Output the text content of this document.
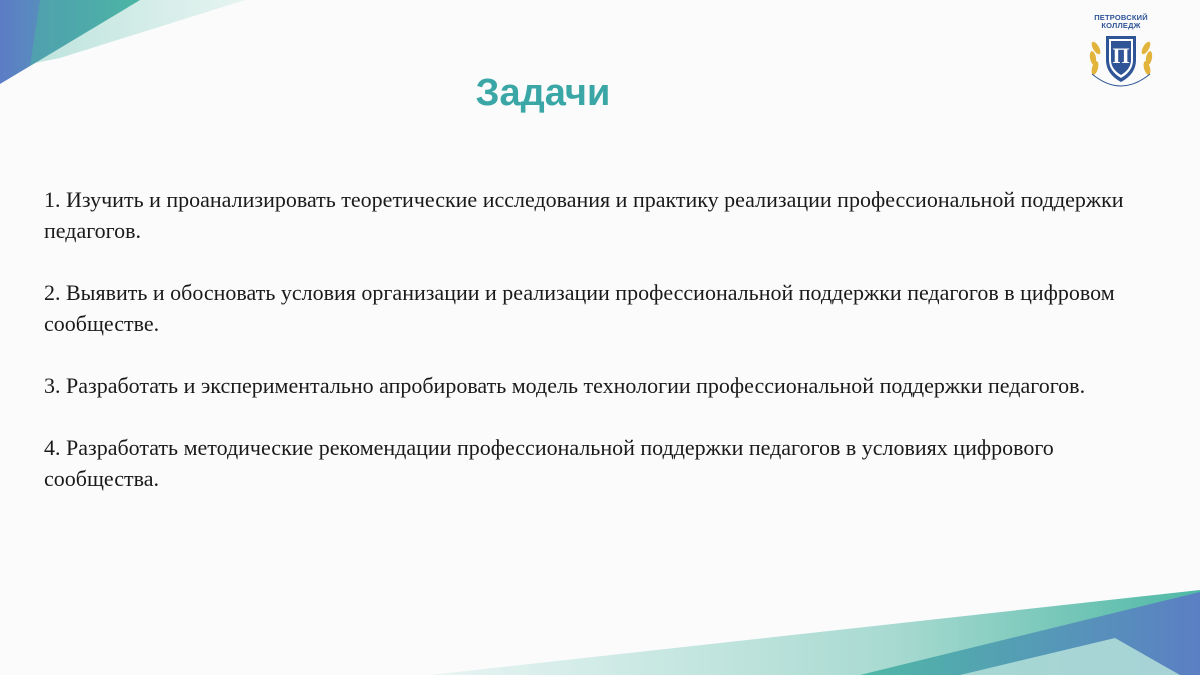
ПЕТРОВСКИЙ
КОЛЛЕДЖ
П
Задачи

1. Изучить и проанализировать теоретические исследования и практику реализации профессиональной поддержки педагогов.

2. Выявить и обосновать условия организации и реализации профессиональной поддержки педагогов в цифровом сообществе.

3. Разработать и экспериментально апробировать модель технологии профессиональной поддержки педагогов.

4. Разработать методические рекомендации профессиональной поддержки педагогов в условиях цифрового сообщества.
